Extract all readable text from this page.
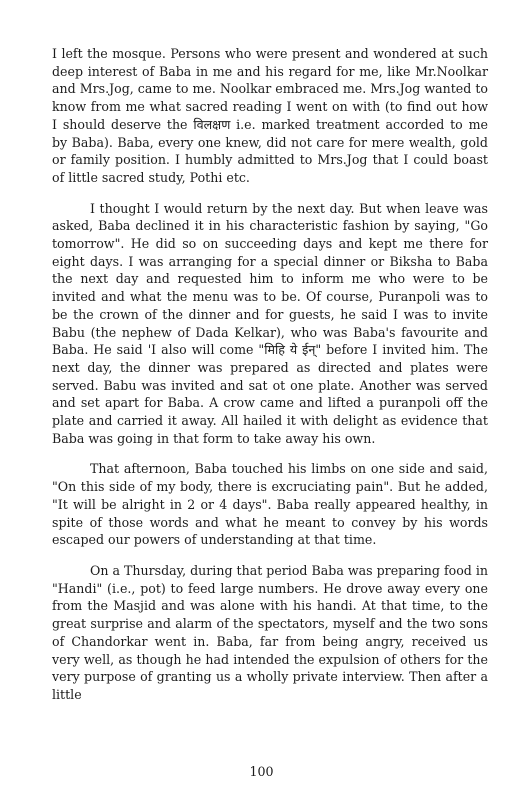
I left the mosque. Persons who were present and wondered at such deep interest of Baba in me and his regard for me, like Mr.Noolkar and Mrs.Jog, came to me. Noolkar embraced me. Mrs.Jog wanted to know from me what sacred reading I went on with (to find out how I should deserve the विलक्षण i.e. marked treatment accorded to me by Baba). Baba, every one knew, did not care for mere wealth, gold or family position. I humbly admitted to Mrs.Jog that I could boast of little sacred study, Pothi etc.

I thought I would return by the next day. But when leave was asked, Baba declined it in his characteristic fashion by saying, "Go tomorrow". He did so on succeeding days and kept me there for eight days. I was arranging for a special dinner or Biksha to Baba the next day and requested him to inform me who were to be invited and what the menu was to be. Of course, Puranpoli was to be the crown of the dinner and for guests, he said I was to invite Babu (the nephew of Dada Kelkar), who was Baba's favourite and Baba. He said 'I also will come "मिहि ये ईन्" before I invited him. The next day, the dinner was prepared as directed and plates were served. Babu was invited and sat ot one plate. Another was served and set apart for Baba. A crow came and lifted a puranpoli off the plate and carried it away. All hailed it with delight as evidence that Baba was going in that form to take away his own.

That afternoon, Baba touched his limbs on one side and said, "On this side of my body, there is excruciating pain". But he added, "It will be alright in 2 or 4 days". Baba really appeared healthy, in spite of those words and what he meant to convey by his words escaped our powers of understanding at that time.

On a Thursday, during that period Baba was preparing food in "Handi" (i.e., pot) to feed large numbers. He drove away every one from the Masjid and was alone with his handi. At that time, to the great surprise and alarm of the spectators, myself and the two sons of Chandorkar went in. Baba, far from being angry, received us very well, as though he had intended the expulsion of others for the very purpose of granting us a wholly private interview. Then after a little

100
